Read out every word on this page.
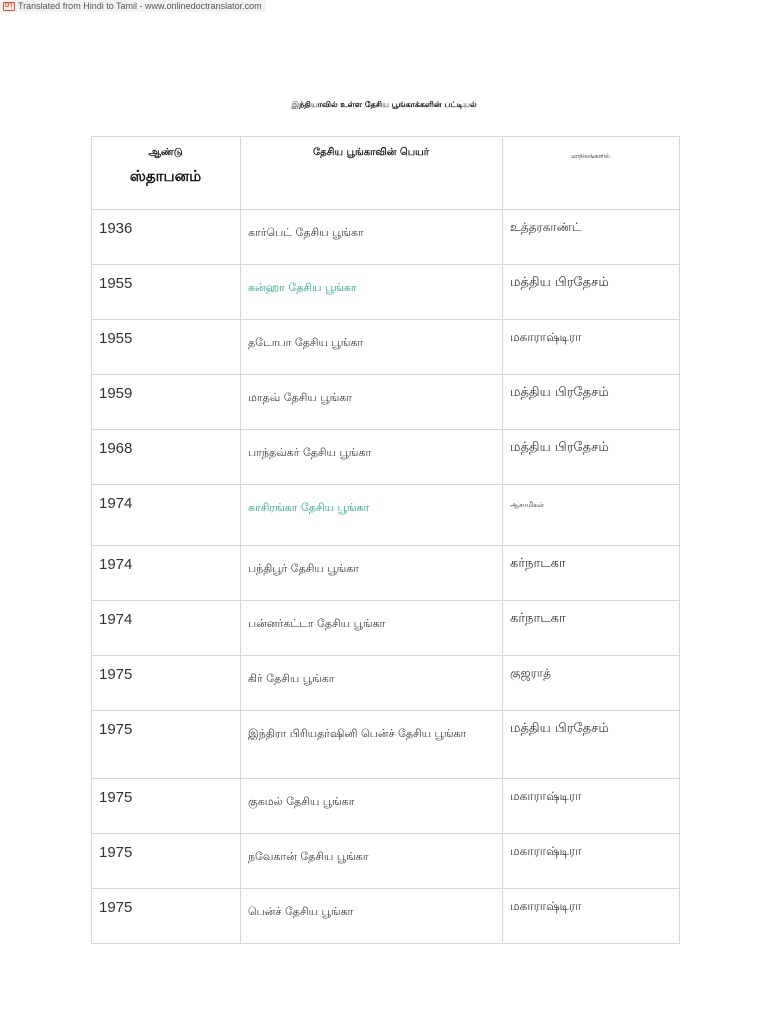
DT Translated from Hindi to Tamil - www.onlinedoctranslator.com
இந்தியாவில் உள்ள தேசிய பூங்காக்களின் பட்டியல்
ஆண்டு
ஸ்தாபனம்	தேசிய பூங்காவின் பெயர்	மாநிலங்களில்
1936	கார்பெட் தேசிய பூங்கா	உத்தரகாண்ட்
1955	கன்ஹா தேசிய பூங்கா	மத்திய பிரதேசம்
1955	தடோபா தேசிய பூங்கா	மகாராஷ்டிரா
1959	மாதவ் தேசிய பூங்கா	மத்திய பிரதேசம்
1968	பாந்தவ்கர் தேசிய பூங்கா	மத்திய பிரதேசம்
1974	காசிரங்கா தேசிய பூங்கா	ஆசாமிகள்
1974	பந்திபூர் தேசிய பூங்கா	கர்நாடகா
1974	பன்னர்கட்டா தேசிய பூங்கா	கர்நாடகா
1975	கிர் தேசிய பூங்கா	குஜராத்
1975	இந்திரா பிரியதர்ஷினி பென்ச் தேசிய பூங்கா	மத்திய பிரதேசம்
1975	குகமல் தேசிய பூங்கா	மகாராஷ்டிரா
1975	நவேகான் தேசிய பூங்கா	மகாராஷ்டிரா
1975	பென்ச் தேசிய பூங்கா	மகாராஷ்டிரா
